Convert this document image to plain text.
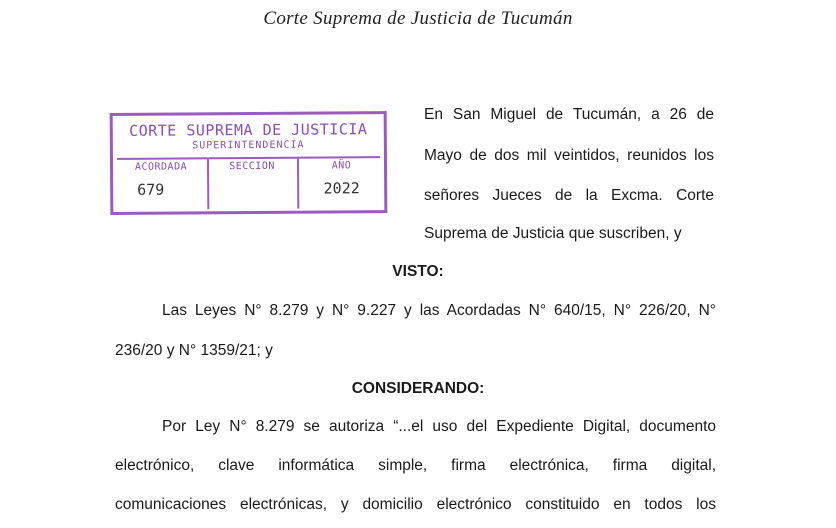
Corte Suprema de Justicia de Tucumán
CORTE SUPREMA DE JUSTICIA
SUPERINTENDENCIA
ACORDADA
679
SECCION	AÑO
2022
En San Miguel de Tucumán, a 26 de
Mayo de dos mil veintidos, reunidos los
señores Jueces de la Excma. Corte
Suprema de Justicia que suscriben, y
VISTO:
Las Leyes N° 8.279 y N° 9.227 y las Acordadas N° 640/15, N° 226/20, N°
236/20 y N° 1359/21; y
CONSIDERANDO:
Por Ley N° 8.279 se autoriza “...el uso del Expediente Digital, documento
electrónico, clave informática simple, firma electrónica, firma digital,
comunicaciones electrónicas, y domicilio electrónico constituido en todos los
